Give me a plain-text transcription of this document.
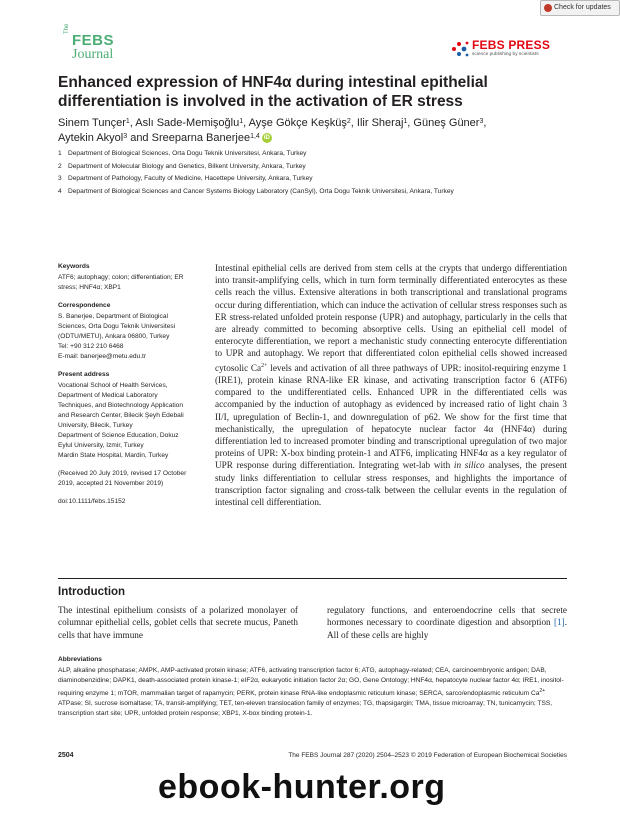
Check for updates
The
FEBS
Journal
FEBS PRESS
science publishing by scientists
Enhanced expression of HNF4α during intestinal epithelial differentiation is involved in the activation of ER stress
Sinem Tunçer$^1$, Aslı Sade-Memişoğlu$^1$, Ayşe Gökçe Keşküş$^2$, Ilir Sheraj$^1$, Güneş Güner$^3$,
Aytekin Akyol$^3$ and Sreeparna Banerjee$^{1,4}$ iD
1 Department of Biological Sciences, Orta Dogu Teknik Universitesi, Ankara, Turkey
2 Department of Molecular Biology and Genetics, Bilkent University, Ankara, Turkey
3 Department of Pathology, Faculty of Medicine, Hacettepe University, Ankara, Turkey
4 Department of Biological Sciences and Cancer Systems Biology Laboratory (CanSyl), Orta Dogu Teknik Universitesi, Ankara, Turkey
Keywords
ATF6; autophagy; colon; differentiation; ER
stress; HNF4α; XBP1
Correspondence
S. Banerjee, Department of Biological
Sciences, Orta Dogu Teknik Universitesi
(ODTU/METU), Ankara 06800, Turkey
Tel: +90 312 210 6468
E-mail: banerjee@metu.edu.tr
Present address
Vocational School of Health Services,
Department of Medical Laboratory
Techniques, and Biotechnology Application
and Research Center, Bilecik Şeyh Edebali
University, Bilecik, Turkey
Department of Science Education, Dokuz
Eylul University, Izmir, Turkey
Mardin State Hospital, Mardin, Turkey
(Received 20 July 2019, revised 17 October
2019, accepted 21 November 2019)
doi:10.1111/febs.15152
Intestinal epithelial cells are derived from stem cells at the crypts that undergo differentiation into transit-amplifying cells, which in turn form terminally differentiated enterocytes as these cells reach the villus. Extensive alterations in both transcriptional and translational programs occur during differentiation, which can induce the activation of cellular stress responses such as ER stress-related unfolded protein response (UPR) and autophagy, particularly in the cells that are already committed to becoming absorptive cells. Using an epithelial cell model of enterocyte differentiation, we report a mechanistic study connecting enterocyte differentiation to UPR and autophagy. We report that differentiated colon epithelial cells showed increased cytosolic $Ca^{2+}$ levels and activation of all three pathways of UPR: inositol-requiring enzyme 1 (IRE1), protein kinase RNA-like ER kinase, and activating transcription factor 6 (ATF6) compared to the undifferentiated cells. Enhanced UPR in the differentiated cells was accompanied by the induction of autophagy as evidenced by increased ratio of light chain 3 II/I, upregulation of Beclin-1, and downregulation of p62. We show for the first time that mechanistically, the upregulation of hepatocyte nuclear factor 4α (HNF4α) during differentiation led to increased promoter binding and transcriptional upregulation of two major proteins of UPR: X-box binding protein-1 and ATF6, implicating HNF4α as a key regulator of UPR response during differentiation. Integrating wet-lab with in silico analyses, the present study links differentiation to cellular stress responses, and highlights the importance of transcription factor signaling and cross-talk between the cellular events in the regulation of intestinal cell differentiation.
Introduction
The intestinal epithelium consists of a polarized monolayer of columnar epithelial cells, goblet cells that secrete mucus, Paneth cells that have immune
regulatory functions, and enteroendocrine cells that secrete hormones necessary to coordinate digestion and absorption [1]. All of these cells are highly
Abbreviations
ALP, alkaline phosphatase; AMPK, AMP-activated protein kinase; ATF6, activating transcription factor 6; ATG, autophagy-related; CEA, carcinoembryonic antigen; DAB, diaminobenzidine; DAPK1, death-associated protein kinase-1; eIF2α, eukaryotic initiation factor 2α; GO, Gene Ontology; HNF4α, hepatocyte nuclear factor 4α; IRE1, inositol-requiring enzyme 1; mTOR, mammalian target of rapamycin; PERK, protein kinase RNA-like endoplasmic reticulum kinase; SERCA, sarco/endoplasmic reticulum $Ca^{2+}$ ATPase; SI, sucrose isomaltase; TA, transit-amplifying; TET, ten-eleven translocation family of enzymes; TG, thapsigargin; TMA, tissue microarray; TN, tunicamycin; TSS, transcription start site; UPR, unfolded protein response; XBP1, X-box binding protein-1.
2504	The FEBS Journal 287 (2020) 2504–2523 © 2019 Federation of European Biochemical Societies
ebook-hunter.org
